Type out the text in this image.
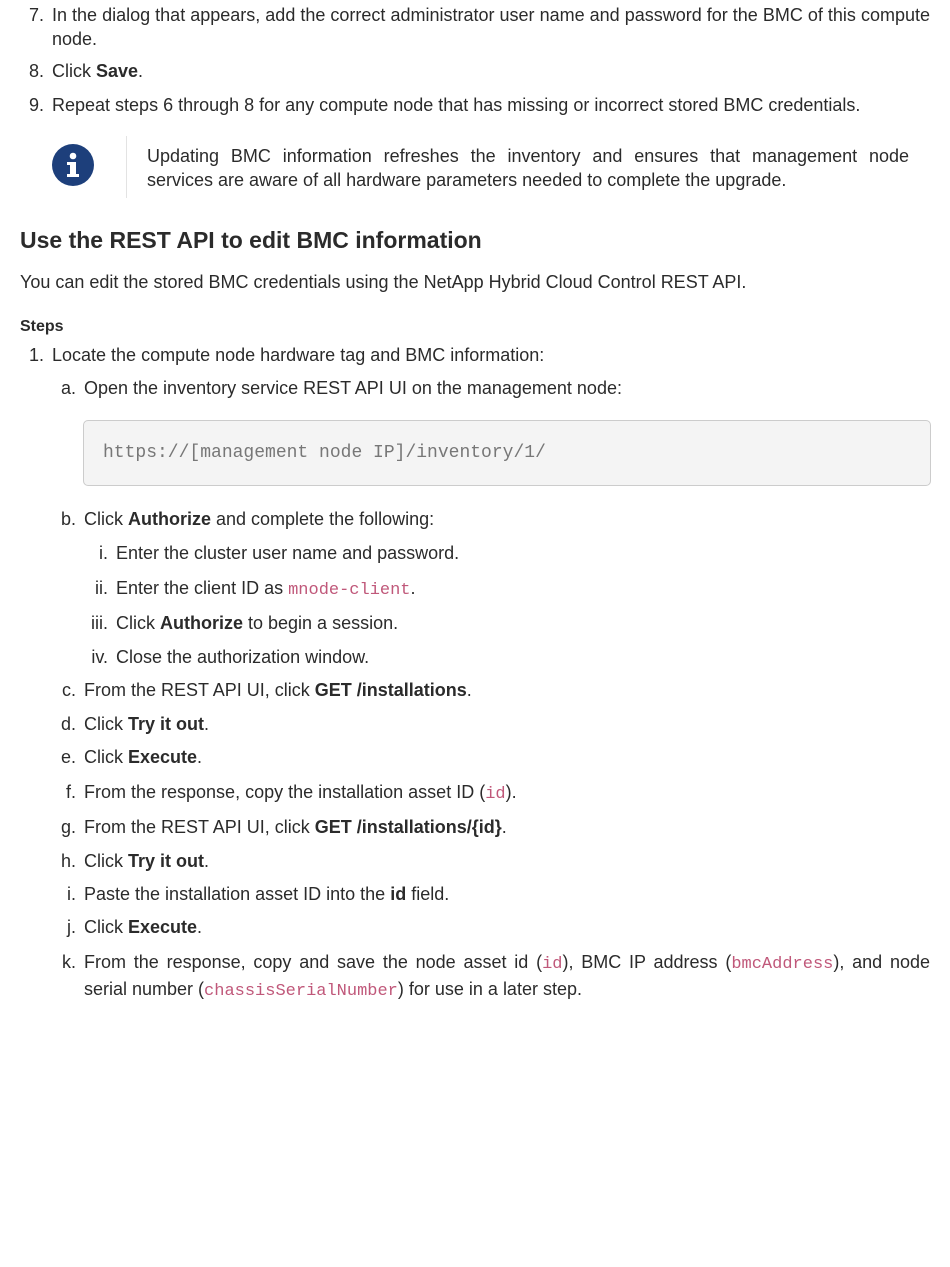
7. In the dialog that appears, add the correct administrator user name and password for the BMC of this compute node.
8. Click Save.
9. Repeat steps 6 through 8 for any compute node that has missing or incorrect stored BMC credentials.
Updating BMC information refreshes the inventory and ensures that management node services are aware of all hardware parameters needed to complete the upgrade.
Use the REST API to edit BMC information
You can edit the stored BMC credentials using the NetApp Hybrid Cloud Control REST API.
Steps
1. Locate the compute node hardware tag and BMC information:
a. Open the inventory service REST API UI on the management node:
https://[management node IP]/inventory/1/
b. Click Authorize and complete the following:
i. Enter the cluster user name and password.
ii. Enter the client ID as mnode-client.
iii. Click Authorize to begin a session.
iv. Close the authorization window.
c. From the REST API UI, click GET /installations.
d. Click Try it out.
e. Click Execute.
f. From the response, copy the installation asset ID (id).
g. From the REST API UI, click GET /installations/{id}.
h. Click Try it out.
i. Paste the installation asset ID into the id field.
j. Click Execute.
k. From the response, copy and save the node asset id (id), BMC IP address (bmcAddress), and node serial number (chassisSerialNumber) for use in a later step.
